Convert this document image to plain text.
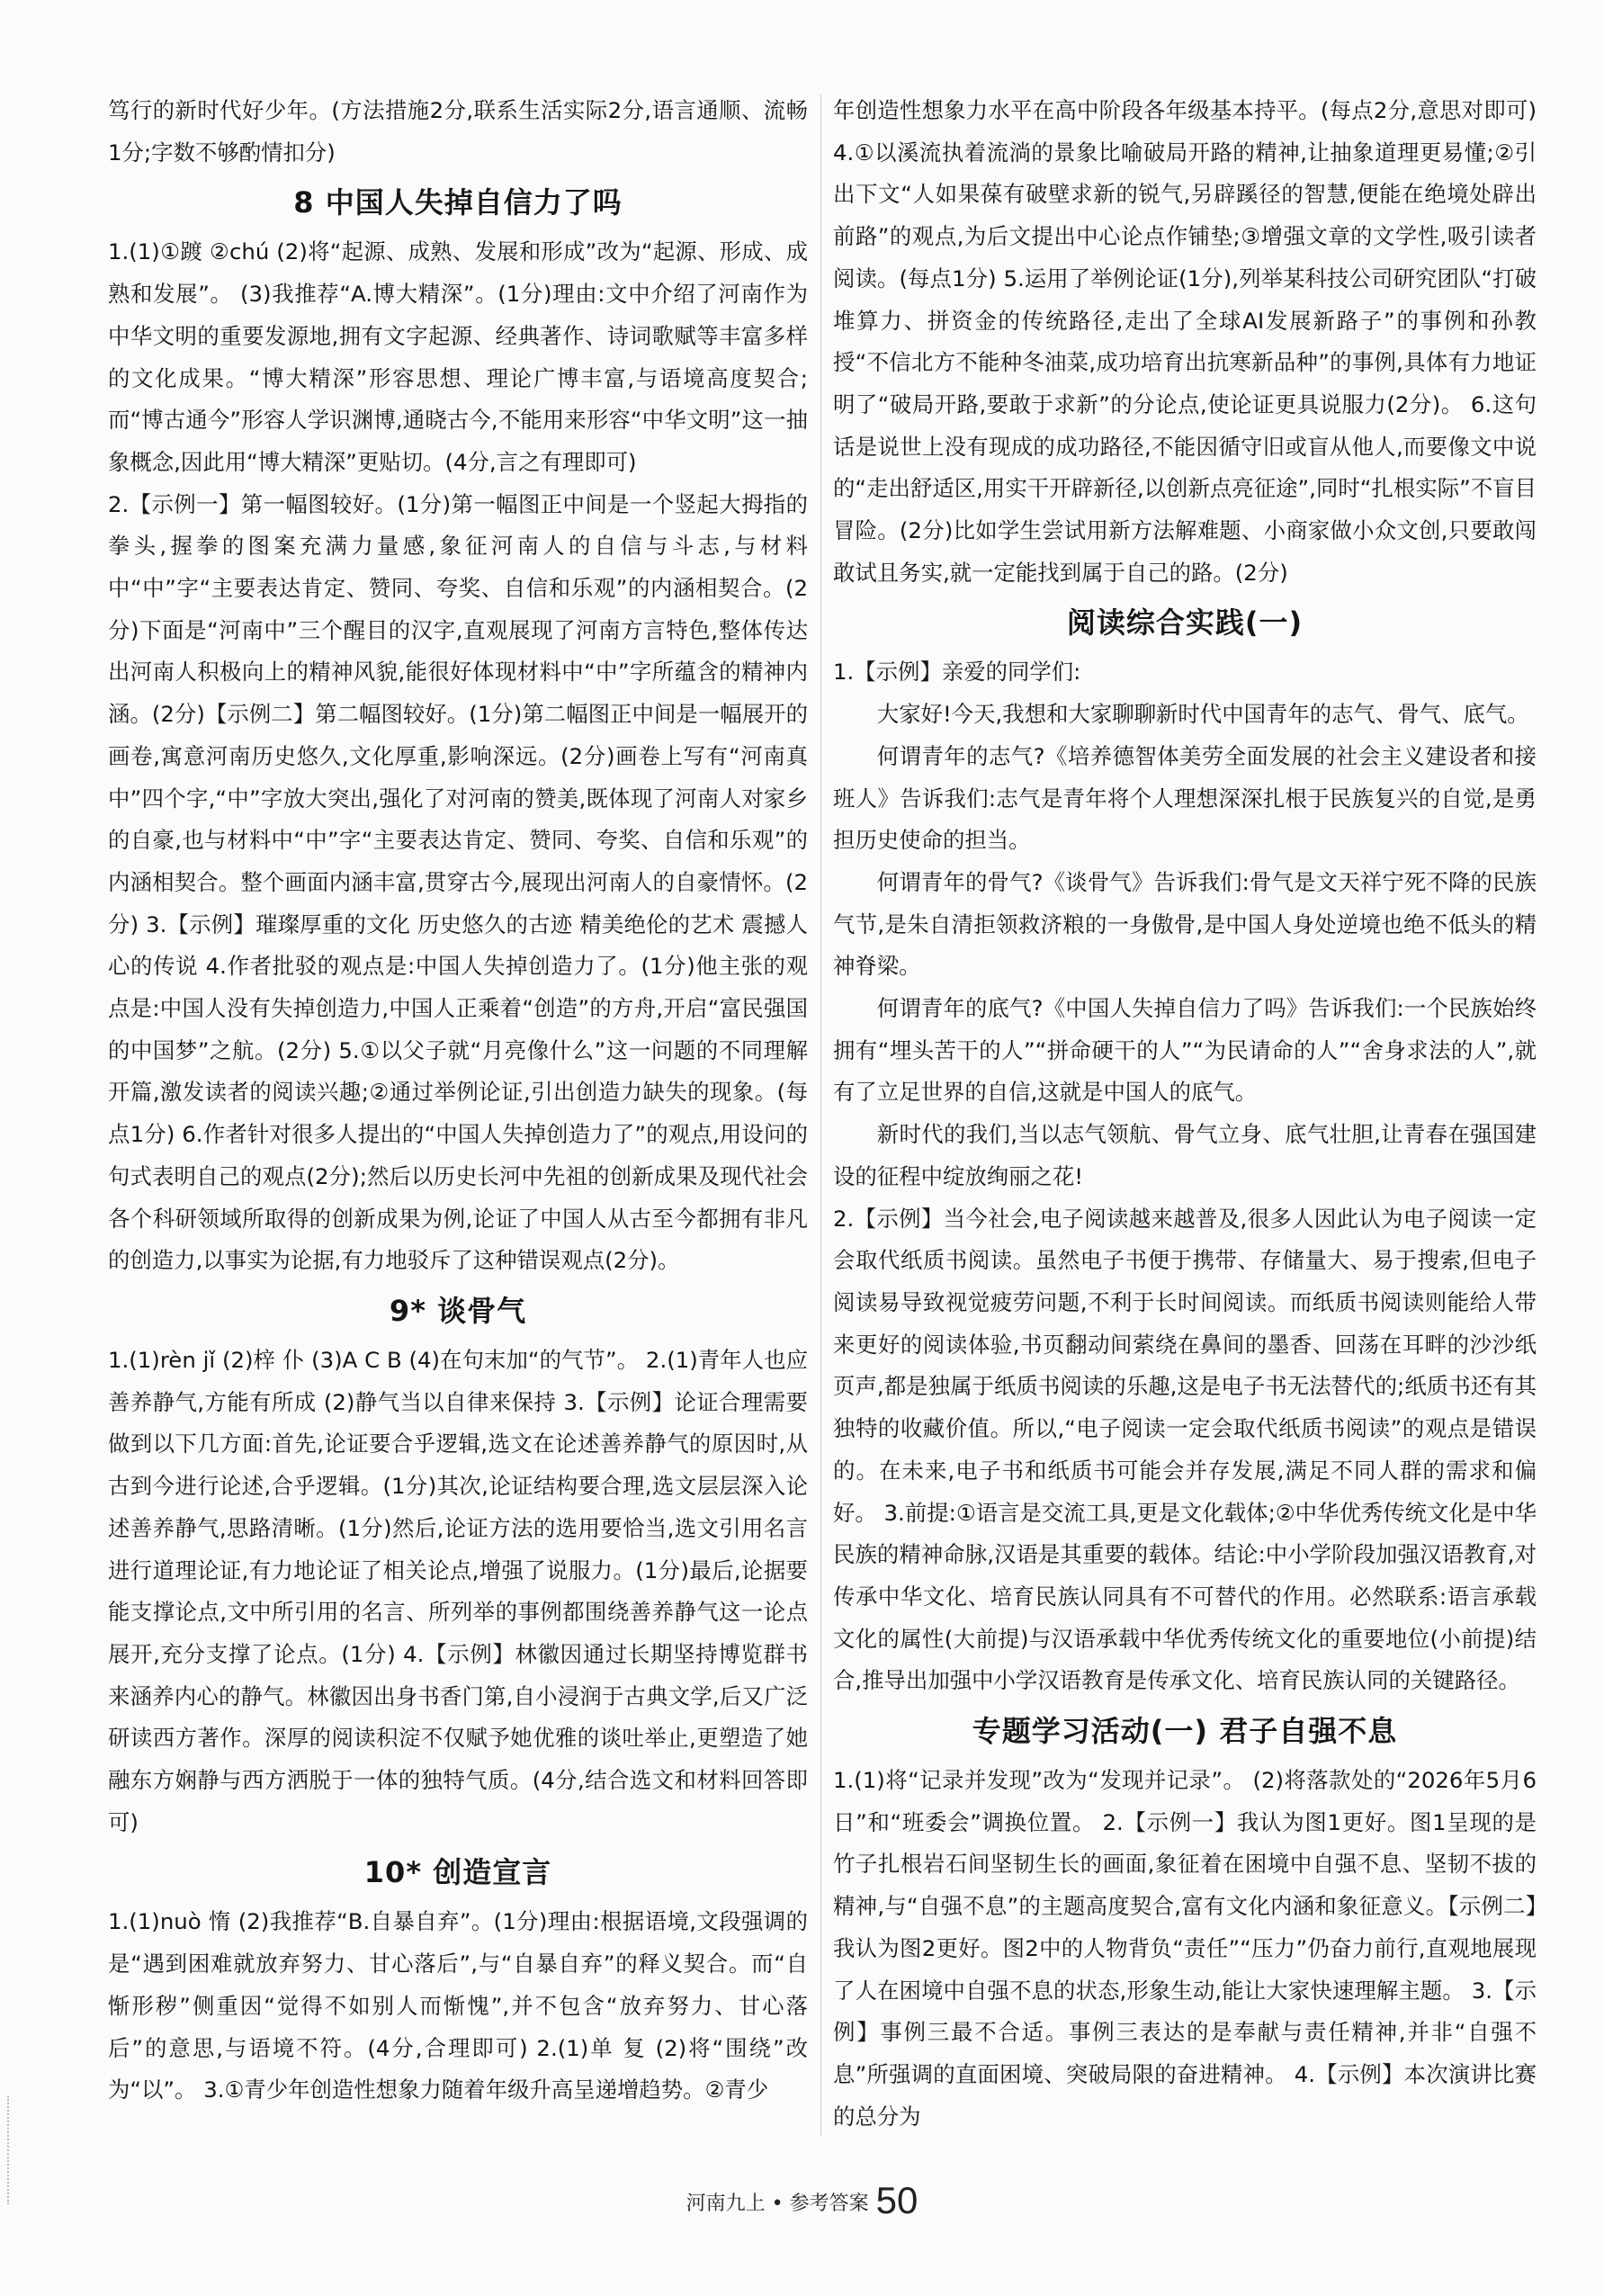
笃行的新时代好少年。(方法措施2分,联系生活实际2分,语言通顺、流畅1分;字数不够酌情扣分)

8 中国人失掉自信力了吗

1.(1)①踱 ②chú (2)将“起源、成熟、发展和形成”改为“起源、形成、成熟和发展”。 (3)我推荐“A.博大精深”。(1分)理由:文中介绍了河南作为中华文明的重要发源地,拥有文字起源、经典著作、诗词歌赋等丰富多样的文化成果。“博大精深”形容思想、理论广博丰富,与语境高度契合;而“博古通今”形容人学识渊博,通晓古今,不能用来形容“中华文明”这一抽象概念,因此用“博大精深”更贴切。(4分,言之有理即可)

2.【示例一】第一幅图较好。(1分)第一幅图正中间是一个竖起大拇指的拳头,握拳的图案充满力量感,象征河南人的自信与斗志,与材料中“中”字“主要表达肯定、赞同、夸奖、自信和乐观”的内涵相契合。(2分)下面是“河南中”三个醒目的汉字,直观展现了河南方言特色,整体传达出河南人积极向上的精神风貌,能很好体现材料中“中”字所蕴含的精神内涵。(2分)【示例二】第二幅图较好。(1分)第二幅图正中间是一幅展开的画卷,寓意河南历史悠久,文化厚重,影响深远。(2分)画卷上写有“河南真中”四个字,“中”字放大突出,强化了对河南的赞美,既体现了河南人对家乡的自豪,也与材料中“中”字“主要表达肯定、赞同、夸奖、自信和乐观”的内涵相契合。整个画面内涵丰富,贯穿古今,展现出河南人的自豪情怀。(2分) 3.【示例】璀璨厚重的文化 历史悠久的古迹 精美绝伦的艺术 震撼人心的传说 4.作者批驳的观点是:中国人失掉创造力了。(1分)他主张的观点是:中国人没有失掉创造力,中国人正乘着“创造”的方舟,开启“富民强国的中国梦”之航。(2分) 5.①以父子就“月亮像什么”这一问题的不同理解开篇,激发读者的阅读兴趣;②通过举例论证,引出创造力缺失的现象。(每点1分) 6.作者针对很多人提出的“中国人失掉创造力了”的观点,用设问的句式表明自己的观点(2分);然后以历史长河中先祖的创新成果及现代社会各个科研领域所取得的创新成果为例,论证了中国人从古至今都拥有非凡的创造力,以事实为论据,有力地驳斥了这种错误观点(2分)。

9* 谈骨气

1.(1)rèn jǐ (2)梓 仆 (3)A C B (4)在句末加“的气节”。 2.(1)青年人也应善养静气,方能有所成 (2)静气当以自律来保持 3.【示例】论证合理需要做到以下几方面:首先,论证要合乎逻辑,选文在论述善养静气的原因时,从古到今进行论述,合乎逻辑。(1分)其次,论证结构要合理,选文层层深入论述善养静气,思路清晰。(1分)然后,论证方法的选用要恰当,选文引用名言进行道理论证,有力地论证了相关论点,增强了说服力。(1分)最后,论据要能支撑论点,文中所引用的名言、所列举的事例都围绕善养静气这一论点展开,充分支撑了论点。(1分) 4.【示例】林徽因通过长期坚持博览群书来涵养内心的静气。林徽因出身书香门第,自小浸润于古典文学,后又广泛研读西方著作。深厚的阅读积淀不仅赋予她优雅的谈吐举止,更塑造了她融东方娴静与西方洒脱于一体的独特气质。(4分,结合选文和材料回答即可)

10* 创造宣言

1.(1)nuò 惰 (2)我推荐“B.自暴自弃”。(1分)理由:根据语境,文段强调的是“遇到困难就放弃努力、甘心落后”,与“自暴自弃”的释义契合。而“自惭形秽”侧重因“觉得不如别人而惭愧”,并不包含“放弃努力、甘心落后”的意思,与语境不符。(4分,合理即可) 2.(1)单 复 (2)将“围绕”改为“以”。 3.①青少年创造性想象力随着年级升高呈递增趋势。②青少

年创造性想象力水平在高中阶段各年级基本持平。(每点2分,意思对即可) 4.①以溪流执着流淌的景象比喻破局开路的精神,让抽象道理更易懂;②引出下文“人如果葆有破壁求新的锐气,另辟蹊径的智慧,便能在绝境处辟出前路”的观点,为后文提出中心论点作铺垫;③增强文章的文学性,吸引读者阅读。(每点1分) 5.运用了举例论证(1分),列举某科技公司研究团队“打破堆算力、拼资金的传统路径,走出了全球AI发展新路子”的事例和孙教授“不信北方不能种冬油菜,成功培育出抗寒新品种”的事例,具体有力地证明了“破局开路,要敢于求新”的分论点,使论证更具说服力(2分)。 6.这句话是说世上没有现成的成功路径,不能因循守旧或盲从他人,而要像文中说的“走出舒适区,用实干开辟新径,以创新点亮征途”,同时“扎根实际”不盲目冒险。(2分)比如学生尝试用新方法解难题、小商家做小众文创,只要敢闯敢试且务实,就一定能找到属于自己的路。(2分)

阅读综合实践(一)

1.【示例】亲爱的同学们:

大家好!今天,我想和大家聊聊新时代中国青年的志气、骨气、底气。

何谓青年的志气?《培养德智体美劳全面发展的社会主义建设者和接班人》告诉我们:志气是青年将个人理想深深扎根于民族复兴的自觉,是勇担历史使命的担当。

何谓青年的骨气?《谈骨气》告诉我们:骨气是文天祥宁死不降的民族气节,是朱自清拒领救济粮的一身傲骨,是中国人身处逆境也绝不低头的精神脊梁。

何谓青年的底气?《中国人失掉自信力了吗》告诉我们:一个民族始终拥有“埋头苦干的人”“拼命硬干的人”“为民请命的人”“舍身求法的人”,就有了立足世界的自信,这就是中国人的底气。

新时代的我们,当以志气领航、骨气立身、底气壮胆,让青春在强国建设的征程中绽放绚丽之花!

2.【示例】当今社会,电子阅读越来越普及,很多人因此认为电子阅读一定会取代纸质书阅读。虽然电子书便于携带、存储量大、易于搜索,但电子阅读易导致视觉疲劳问题,不利于长时间阅读。而纸质书阅读则能给人带来更好的阅读体验,书页翻动间萦绕在鼻间的墨香、回荡在耳畔的沙沙纸页声,都是独属于纸质书阅读的乐趣,这是电子书无法替代的;纸质书还有其独特的收藏价值。所以,“电子阅读一定会取代纸质书阅读”的观点是错误的。在未来,电子书和纸质书可能会并存发展,满足不同人群的需求和偏好。 3.前提:①语言是交流工具,更是文化载体;②中华优秀传统文化是中华民族的精神命脉,汉语是其重要的载体。结论:中小学阶段加强汉语教育,对传承中华文化、培育民族认同具有不可替代的作用。必然联系:语言承载文化的属性(大前提)与汉语承载中华优秀传统文化的重要地位(小前提)结合,推导出加强中小学汉语教育是传承文化、培育民族认同的关键路径。

专题学习活动(一) 君子自强不息

1.(1)将“记录并发现”改为“发现并记录”。 (2)将落款处的“2026年5月6日”和“班委会”调换位置。 2.【示例一】我认为图1更好。图1呈现的是竹子扎根岩石间坚韧生长的画面,象征着在困境中自强不息、坚韧不拔的精神,与“自强不息”的主题高度契合,富有文化内涵和象征意义。【示例二】我认为图2更好。图2中的人物背负“责任”“压力”仍奋力前行,直观地展现了人在困境中自强不息的状态,形象生动,能让大家快速理解主题。 3.【示例】事例三最不合适。事例三表达的是奉献与责任精神,并非“自强不息”所强调的直面困境、突破局限的奋进精神。 4.【示例】本次演讲比赛的总分为

河南九上 • 参考答案 50
